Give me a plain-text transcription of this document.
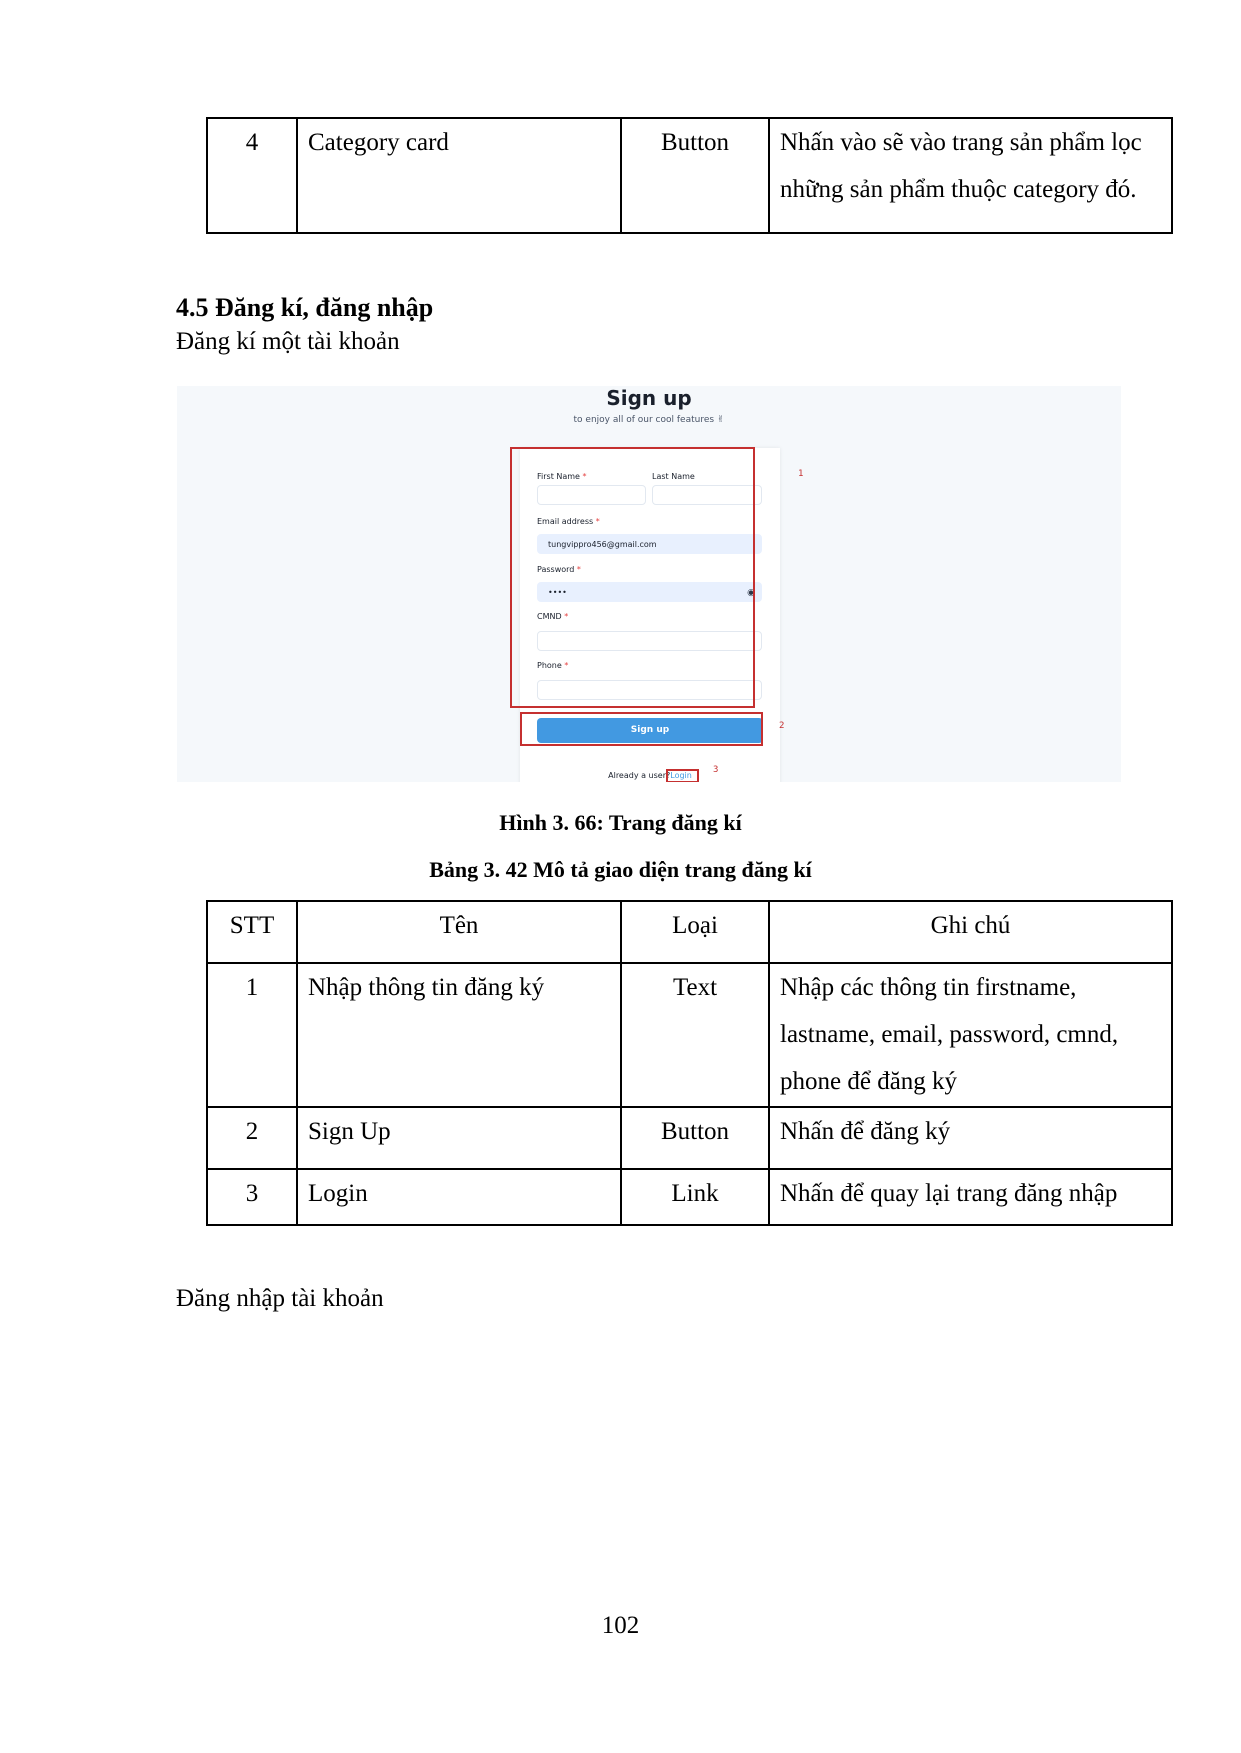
4	Category card	Button	Nhấn vào sẽ vào trang sản phẩm lọc
những sản phẩm thuộc category đó.
4.5 Đăng kí, đăng nhập
Đăng kí một tài khoản
Sign up
to enjoy all of our cool features ✌
First Name *	Last Name
Email address *
tungvippro456@gmail.com
Password *
••••	◉
CMND *
Phone *
Sign up
Already a user?Login
1
2
3
Hình 3. 66: Trang đăng kí
Bảng 3. 42 Mô tả giao diện trang đăng kí
STT	Tên	Loại	Ghi chú
1	Nhập thông tin đăng ký	Text	Nhập các thông tin firstname,
lastname, email, password, cmnd,
phone để đăng ký

2	Sign Up	Button	Nhấn để đăng ký
3	Login	Link	Nhấn để quay lại trang đăng nhập
Đăng nhập tài khoản
102
